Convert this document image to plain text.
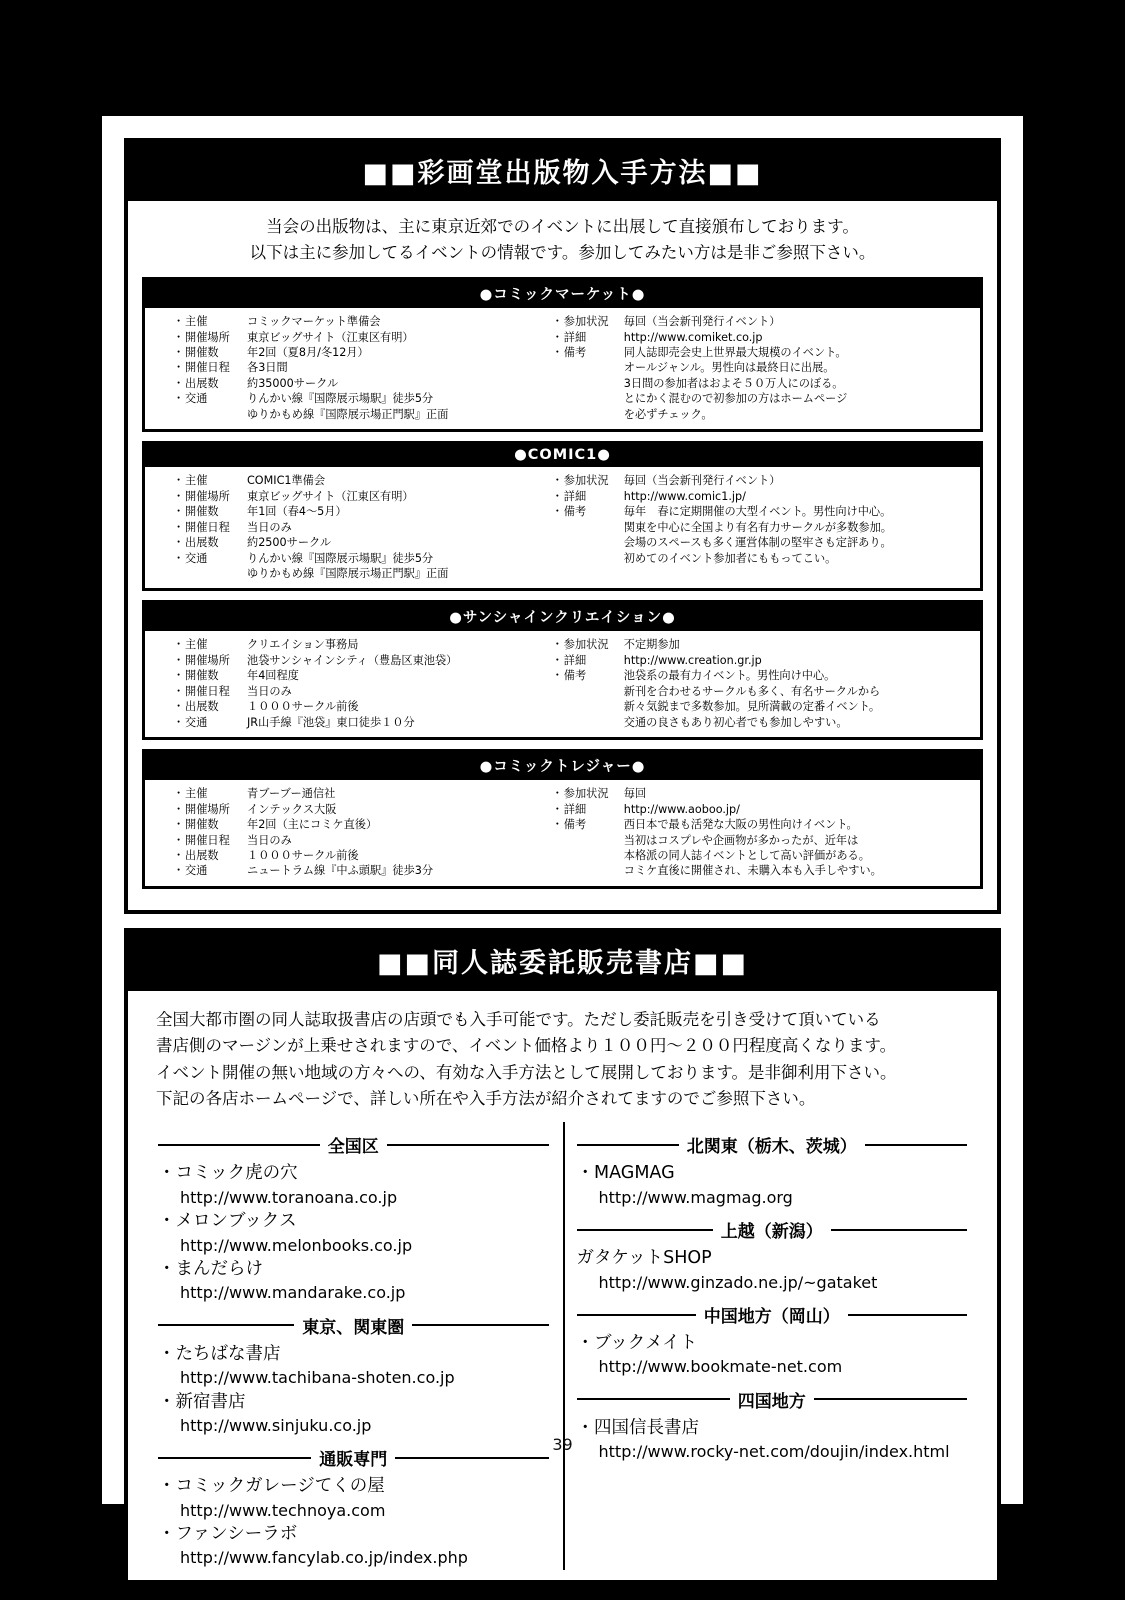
■■彩画堂出版物入手方法■■
当会の出版物は、主に東京近郊でのイベントに出展して直接頒布しております。
以下は主に参加してるイベントの情報です。参加してみたい方は是非ご参照下さい。
●コミックマーケット●
・ 主催	コミックマーケット準備会
・ 開催場所	東京ビッグサイト（江東区有明）
・ 開催数	年2回（夏8月/冬12月）
・ 開催日程	各3日間
・ 出展数	約35000サークル
・ 交通	りんかい線『国際展示場駅』徒歩5分
ゆりかもめ線『国際展示場正門駅』正面
・ 参加状況	毎回（当会新刊発行イベント）
・ 詳細	http://www.comiket.co.jp
・ 備考	同人誌即売会史上世界最大規模のイベント。
オールジャンル。男性向は最終日に出展。
3日間の参加者はおよそ５０万人にのぼる。
とにかく混むので初参加の方はホームページ
を必ずチェック。
●COMIC1●
・ 主催	COMIC1準備会
・ 開催場所	東京ビッグサイト（江東区有明）
・ 開催数	年1回（春4～5月）
・ 開催日程	当日のみ
・ 出展数	約2500サークル
・ 交通	りんかい線『国際展示場駅』徒歩5分
ゆりかもめ線『国際展示場正門駅』正面
・ 参加状況	毎回（当会新刊発行イベント）
・ 詳細	http://www.comic1.jp/
・ 備考	毎年　春に定期開催の大型イベント。男性向け中心。
関東を中心に全国より有名有力サークルが多数参加。
会場のスペースも多く運営体制の堅牢さも定評あり。
初めてのイベント参加者にももってこい。
●サンシャインクリエイション●
・ 主催	クリエイション事務局
・ 開催場所	池袋サンシャインシティ（豊島区東池袋）
・ 開催数	年4回程度
・ 開催日程	当日のみ
・ 出展数	１０００サークル前後
・ 交通	JR山手線『池袋』東口徒歩１０分
・ 参加状況	不定期参加
・ 詳細	http://www.creation.gr.jp
・ 備考	池袋系の最有力イベント。男性向け中心。
新刊を合わせるサークルも多く、有名サークルから
新々気鋭まで多数参加。見所満載の定番イベント。
交通の良さもあり初心者でも参加しやすい。
●コミックトレジャー●
・ 主催	青ブーブー通信社
・ 開催場所	インテックス大阪
・ 開催数	年2回（主にコミケ直後）
・ 開催日程	当日のみ
・ 出展数	１０００サークル前後
・ 交通	ニュートラム線『中ふ頭駅』徒歩3分
・ 参加状況	毎回
・ 詳細	http://www.aoboo.jp/
・ 備考	西日本で最も活発な大阪の男性向けイベント。
当初はコスプレや企画物が多かったが、近年は
本格派の同人誌イベントとして高い評価がある。
コミケ直後に開催され、未購入本も入手しやすい。
■■同人誌委託販売書店■■
全国大都市圏の同人誌取扱書店の店頭でも入手可能です。ただし委託販売を引き受けて頂いている
書店側のマージンが上乗せされますので、イベント価格より１００円～２００円程度高くなります。
イベント開催の無い地域の方々への、有効な入手方法として展開しております。是非御利用下さい。
下記の各店ホームページで、詳しい所在や入手方法が紹介されてますのでご参照下さい。
全国区
・コミック虎の穴
http://www.toranoana.co.jp
・メロンブックス
http://www.melonbooks.co.jp
・まんだらけ
http://www.mandarake.co.jp
東京、関東圏
・たちばな書店
http://www.tachibana-shoten.co.jp
・新宿書店
http://www.sinjuku.co.jp
通販専門
・コミックガレージてくの屋
http://www.technoya.com
・ファンシーラボ
http://www.fancylab.co.jp/index.php
北関東（栃木、茨城）
・MAGMAG
http://www.magmag.org
上越（新潟）
ガタケットSHOP
http://www.ginzado.ne.jp/~gataket
中国地方（岡山）
・ブックメイト
http://www.bookmate-net.com
四国地方
・四国信長書店
http://www.rocky-net.com/doujin/index.html
39
